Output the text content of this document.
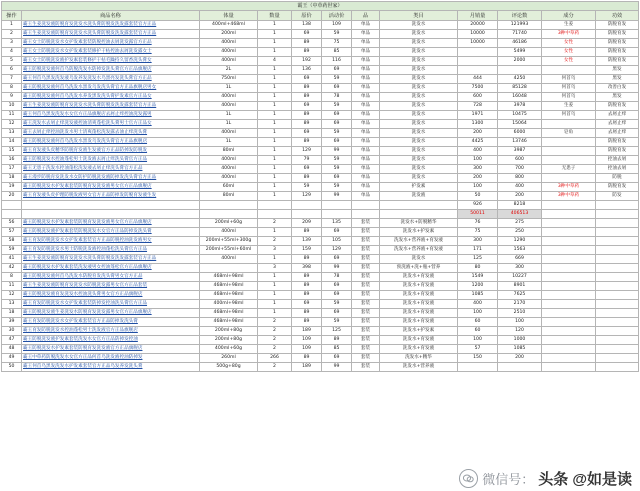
霸王（中草药世家）											
操作	商品名称	体量	数量	原价	活动价	品	类目	月销量	评论数	成分	功效
1	霸王生姜洗发液防脱育发洗发水洗头膏防脱发洗发露套装官方正品	400ml+468ml	1	138	109	单品	洗发水	20000	121993	生姜	防脱育发
2	霸王生姜洗发液防脱育发洗发水洗头膏防脱发洗发露套装官方正品	200ml	1	69	59	单品	洗发水	10000	71740	3种中草药	防脱育发
3	霸王女士防脱洗发水女护发素套装防脱控油去屑洗发露官方正品	400ml	1	89	75	单品	洗发水	10000	46186	女性	防脱育发
4	霸王女士防脱洗发水女护发素套装修护干枯控油去屑洗发露女士	400ml	1	89	85	单品	洗发水		5499	女性	防脱育发
5	霸王女士防脱洗发液护发素套装修护干枯毛躁持久留香洗头膏女	400ml	4	192	116	单品	洗发水		2000	女性	防脱育发
6	霸王防脱洗发液何首乌防脱洗发水防掉发洗头膏官方正品旗舰店	2L	1	136	69	单品	洗发水				黑发
7	霸王何首乌黑发洗发液乌发养发洗发水乌黑亮发洗头膏官方正品	750ml	1	69	59	单品	洗发水	444	4250	何首乌	黑发
8	霸王防脱洗发液何首乌洗发水黑发乌发洗头膏官方正品旗舰店男女	1L	1	89	69	单品	洗发水	7500	85128	何首乌	改善白发
9	霸王防脱洗发液何首乌洗发水养发黑发洗头膏护发素官方正品女	400ml	1	89	78	单品	洗发水	600	16048	何首乌	黑发
10	霸王生姜洗发液防脱育发洗发水洗头膏防脱发洗发露套装官方正品	400ml	1	69	59	单品	洗发水	728	3978	生姜	防脱育发
11	霸王何首乌黑发洗发水女官方正品旗舰店去屑止痒控油洗发露男	1L	1	89	69	单品	洗发水	1971	10475	何首乌	去屑止痒
12	霸王洗发水去屑止痒洗发液控油清爽蓬松洗头膏男士官方正品女	1L	1	89	69	单品	洗发水	1300	15064		去屑止痒
13	霸王去屑止痒控油洗发水男士清爽蓬松洗发露去油止痒洗头膏	400ml	1	69	59	单品	洗发水	200	6000	皂角	去屑止痒
14	霸王防脱洗发液何首乌洗发水黑发乌发洗头膏官方正品旗舰店	1L	1	89	69	单品	洗发水	4425	13746		防脱育发
15	霸王育发液头皮精华防脱育发液生发液官方正品防掉发防脱发	80ml	1	129	99	单品	洗发水	400	3987		防脱育发
16	霸王防脱洗发水控油蓬松男士洗发液去屑止痒洗头膏官方正品	400ml	1	79	59	单品	洗发水	100	600		控油去屑
17	霸王无患子洗发水控油蓬松洗发液去屑止痒洗头膏官方正品	400ml	1	69	59	单品	洗发水	300	700	无患子	控油去屑
18	霸王漫步防脱育发洗发水女防护防脱洗发液防掉发洗头膏官方正品	400ml	1	89	69	单品	洗发水	200	800		防脱
19	霸王防脱洗发水护发素套装防脱育发洗发液男女官方正品旗舰店	60ml	1	59	59	单品	护发素	100	400	3种中草药	防脱育发
20	霸王育发液头皮护理防脱发液男女官方正品防掉发防脱育发液生发	80ml	1	129	99	单品	洗发液	50	200	3种中草药	防发
								926	8218		
								50011	406513		
56	霸王防脱洗发水护发素套装防脱育发洗发液男女官方正品旗舰店	200ml+60g	2	209	135	套装	洗发水+防脱精华	76	275		
57	霸王防脱洗发液护发素套装防脱洗发水女官方正品防掉发洗头膏	400ml	1	89	69	套装	洗发水+护发素	75	250		
58	霸王育发防脱洗发水女护发素套装官方正品防脱控油洗发液男女	200ml+55ml+300g	2	139	105	套装	洗发水+营养液+育发液	300	1290		
59	霸王育发防脱洗发水男士防脱洗发液控油蓬松洗头膏官方正品	200ml+55ml+60ml	3	159	129	套装	洗发水+营养液+育发液	171	1563		
41	霸王生姜洗发液防脱育发洗发水洗头膏防脱发洗发露套装官方正品	400ml	1	89	69	套装	洗发水	125	669		
42	霸王防脱洗发水护发素套装洗发液男女控油蓬松官方正品旗舰店		3	398	99	套装	预洗液+洗+瓶+营养	80	300		
8	霸王防脱洗发液何首乌洗发水防脱育发洗头膏男女官方正品	468ml+98ml	1	89	78	套装	洗发水+育发液	1549	10227		
11	霸王生姜洗发液防脱育发洗发水防脱洗发露男女官方正品套装	468ml+98ml	1	89	69	套装	洗发水+育发液	1200	8901		
12	霸王防脱洗发液育发洗发水控油洗头膏男女官方正品旗舰店	468ml+98ml	1	89	69	套装	洗发水+育发液	1085	7625		
13	霸王育发防脱洗发水女护发素套装防掉发控油洗头膏官方正品	400ml+98ml	1	69	59	套装	洗发水+育发液	400	2170		
18	霸王防脱洗发液生姜洗发水防脱育发洗发露男女官方正品旗舰店	468ml+98ml	1	89	69	套装	洗发水+育发液	100	2510		
39	霸王育发防脱洗发水女护发素套装官方正品防掉发洗头膏	468ml+98ml	2	89	59	套装	洗发水+育发液	60	100		
30	霸王育发防脱洗发水控油蓬松男士洗发液官方正品旗舰店	200ml+80g	2	189	125	套装	洗发水+护发素	60	120		
47	霸王防脱洗发液护发素套装洗发水女官方正品防掉发控油	200ml+80g	2	109	89	套装	洗发水+育发液	100	1000		
48	霸王防脱洗发水护发素套装防脱育发洗发液官方正品旗舰店	400ml+60g	2	109	85	套装	洗发水+育发液	57	1085		
49	霸王中草药防脱洗发水女官方正品何首乌洗发液控油防掉发	260ml	266	89	69	套装	洗发水+精华	150	200		
50	霸王何首乌黑发洗发水护发素套装官方正品乌发养发洗头膏	500g+80g	2	189	99	套装	洗发水+营养液				
微信号： 头条 @如是读
